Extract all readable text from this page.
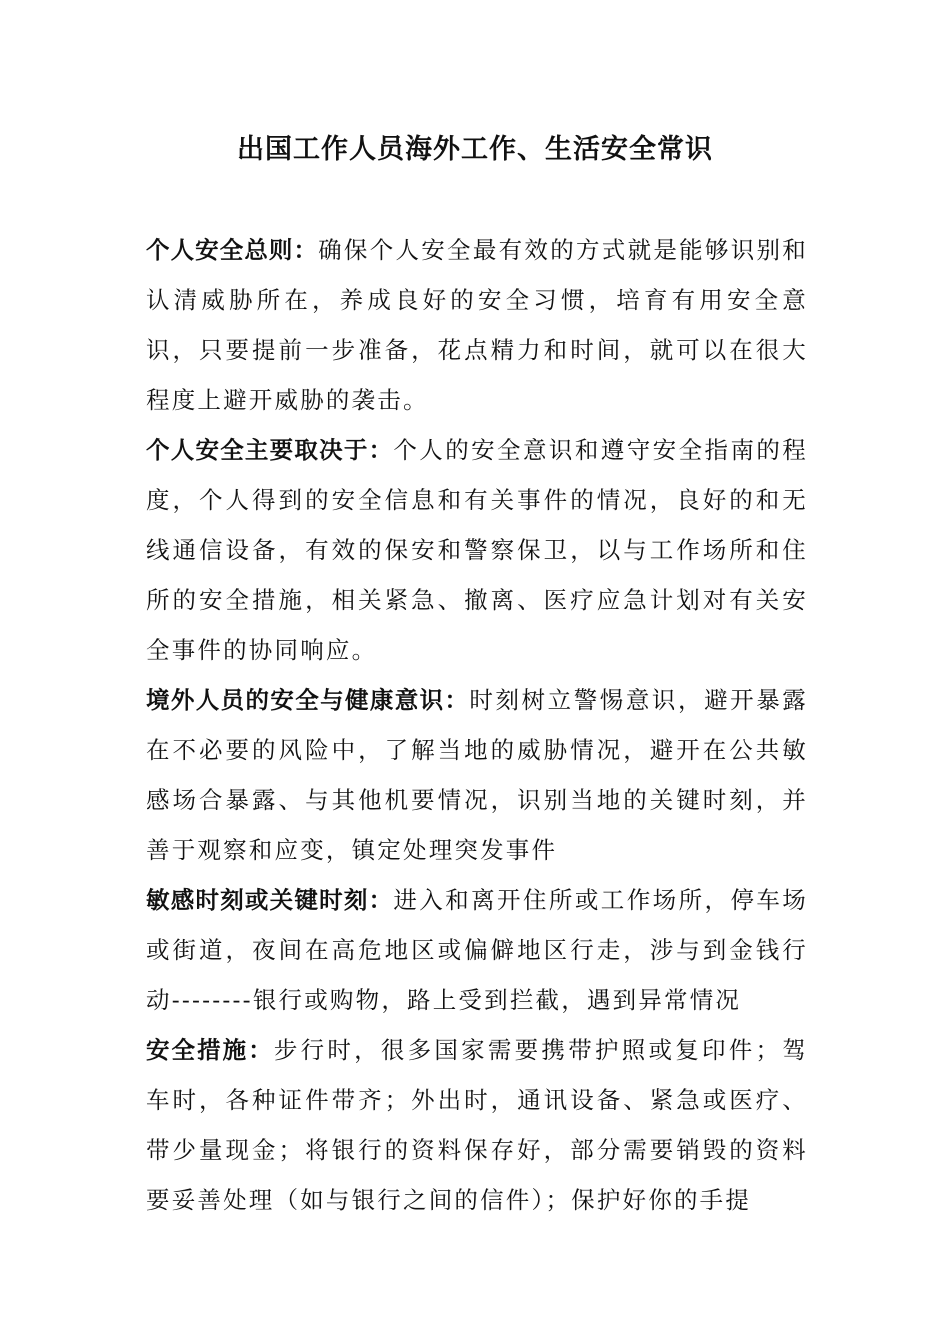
出国工作人员海外工作、生活安全常识

个人安全总则：确保个人安全最有效的方式就是能够识别和认清威胁所在，养成良好的安全习惯，培育有用安全意识，只要提前一步准备，花点精力和时间，就可以在很大程度上避开威胁的袭击。

个人安全主要取决于：个人的安全意识和遵守安全指南的程度，个人得到的安全信息和有关事件的情况，良好的和无线通信设备，有效的保安和警察保卫，以与工作场所和住所的安全措施，相关紧急、撤离、医疗应急计划对有关安全事件的协同响应。

境外人员的安全与健康意识：时刻树立警惕意识，避开暴露在不必要的风险中，了解当地的威胁情况，避开在公共敏感场合暴露、与其他机要情况，识别当地的关键时刻，并善于观察和应变，镇定处理突发事件

敏感时刻或关键时刻：进入和离开住所或工作场所，停车场或街道，夜间在高危地区或偏僻地区行走，涉与到金钱行动--------银行或购物，路上受到拦截，遇到异常情况

安全措施：步行时，很多国家需要携带护照或复印件；驾车时，各种证件带齐；外出时，通讯设备、紧急或医疗、带少量现金；将银行的资料保存好，部分需要销毁的资料要妥善处理（如与银行之间的信件）；保护好你的手提
